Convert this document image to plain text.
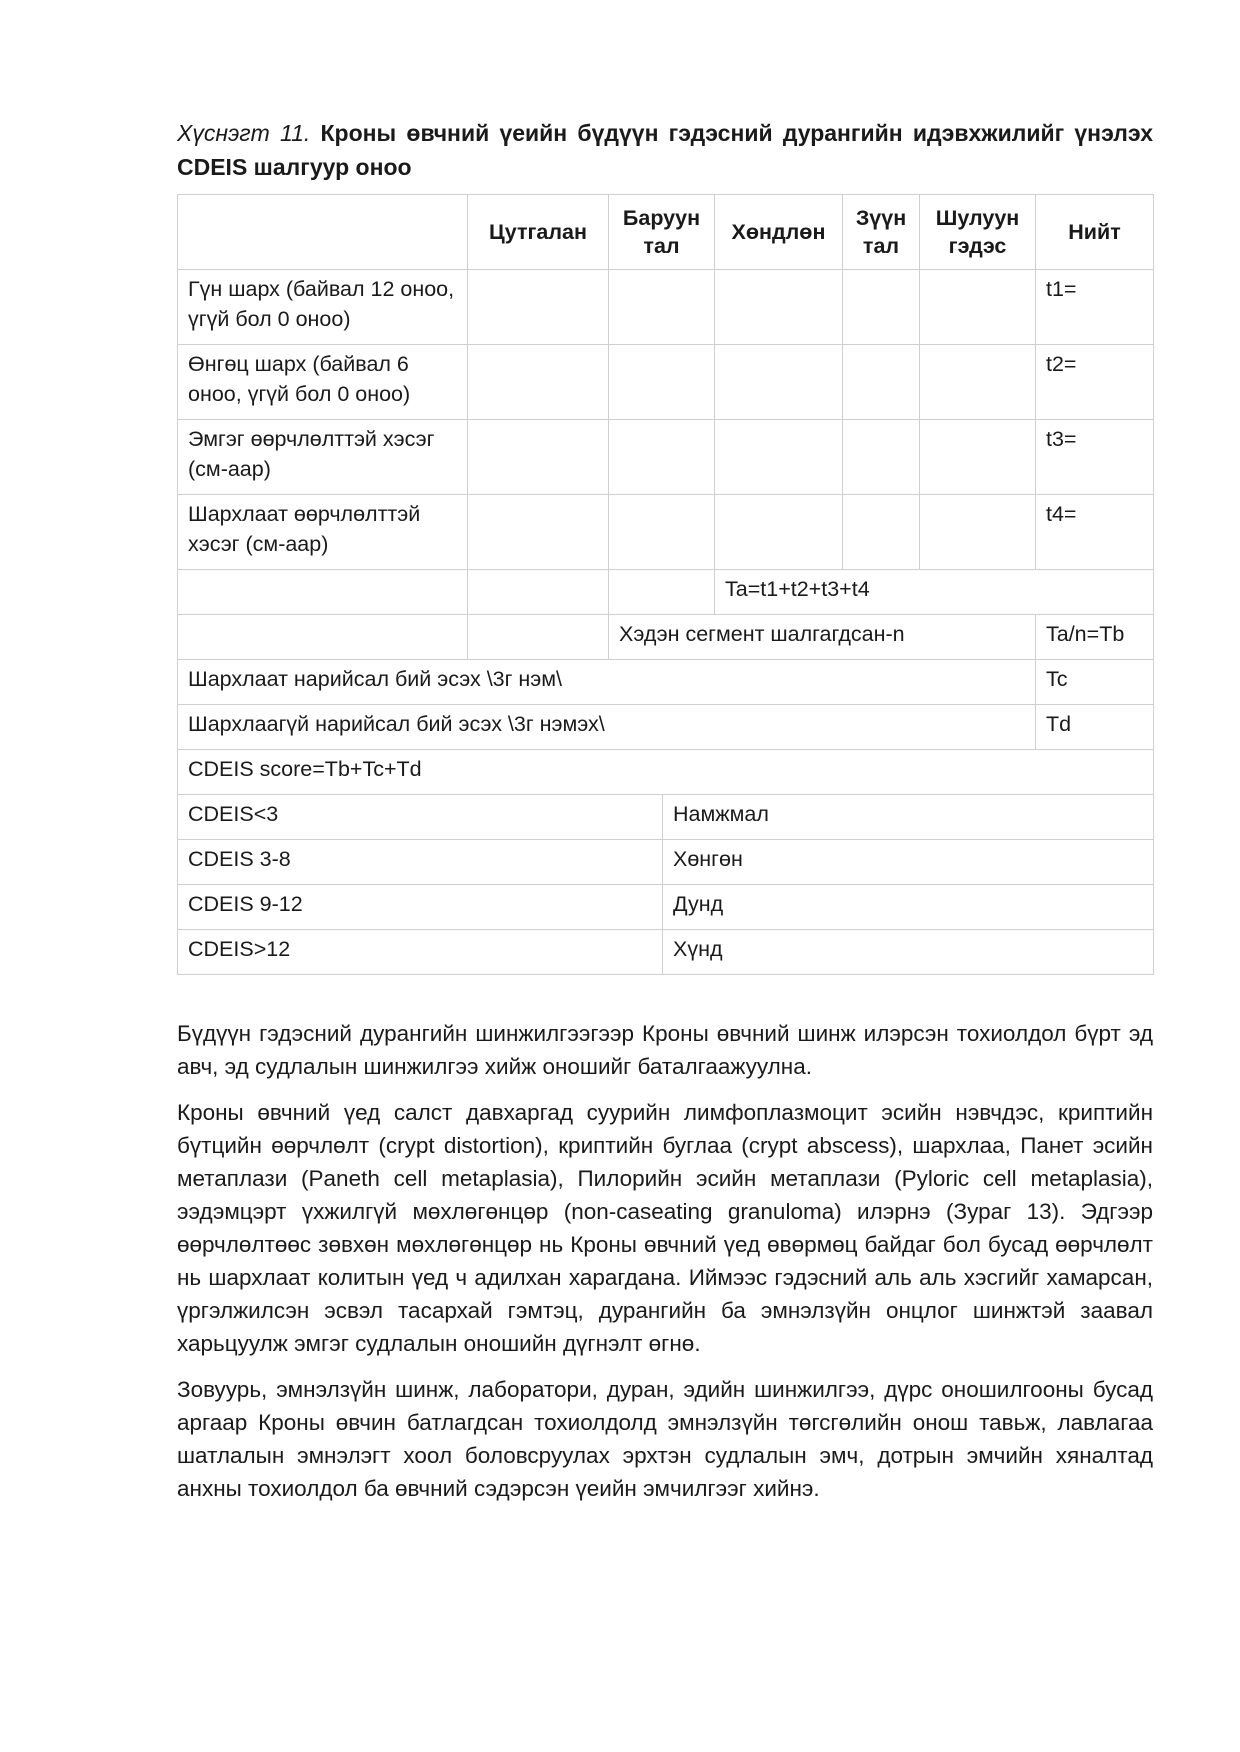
Хүснэгт 11. Кроны өвчний үеийн бүдүүн гэдэсний дурангийн идэвхжилийг үнэлэх CDEIS шалгуур оноо

	Цутгалан	Баруун тал	Хөндлөн	Зүүн тал	Шулуун гэдэс	Нийт
Гүн шарх (байвал 12 оноо, үгүй бол 0 оноо)						t1=
Өнгөц шарх (байвал 6 оноо, үгүй бол 0 оноо)						t2=
Эмгэг өөрчлөлттэй хэсэг (см-аар)						t3=
Шархлаат өөрчлөлттэй хэсэг (см-аар)						t4=
			Ta=t1+t2+t3+t4			
		Хэдэн сегмент шалгагдсан-n				Ta/n=Tb
Шархлаат нарийсал бий эсэх \3г нэм\						Tc
Шархлаагүй нарийсал бий эсэх \3г нэмэх\						Td
CDEIS score=Tb+Tc+Td						
CDEIS<3	Намжмал
CDEIS 3-8	Хөнгөн
CDEIS 9-12	Дунд
CDEIS>12	Хүнд

Бүдүүн гэдэсний дурангийн шинжилгээгээр Кроны өвчний шинж илэрсэн тохиолдол бүрт эд авч, эд судлалын шинжилгээ хийж оношийг баталгаажуулна.

Кроны өвчний үед салст давхаргад суурийн лимфоплазмоцит эсийн нэвчдэс, криптийн бүтцийн өөрчлөлт (crypt distortion), криптийн буглаа (crypt abscess), шархлаа, Панет эсийн метаплази (Paneth cell metaplasia), Пилорийн эсийн метаплази (Pyloric cell metaplasia), ээдэмцэрт үхжилгүй мөхлөгөнцөр (non-caseating granuloma) илэрнэ (Зураг 13). Эдгээр өөрчлөлтөөс зөвхөн мөхлөгөнцөр нь Кроны өвчний үед өвөрмөц байдаг бол бусад өөрчлөлт нь шархлаат колитын үед ч адилхан харагдана. Иймээс гэдэсний аль аль хэсгийг хамарсан, үргэлжилсэн эсвэл тасархай гэмтэц, дурангийн ба эмнэлзүйн онцлог шинжтэй заавал харьцуулж эмгэг судлалын оношийн дүгнэлт өгнө.

Зовуурь, эмнэлзүйн шинж, лаборатори, дуран, эдийн шинжилгээ, дүрс оношилгооны бусад аргаар Кроны өвчин батлагдсан тохиолдолд эмнэлзүйн төгсгөлийн онош тавьж, лавлагаа шатлалын эмнэлэгт хоол боловсруулах эрхтэн судлалын эмч, дотрын эмчийн хяналтад анхны тохиолдол ба өвчний сэдэрсэн үеийн эмчилгээг хийнэ.
